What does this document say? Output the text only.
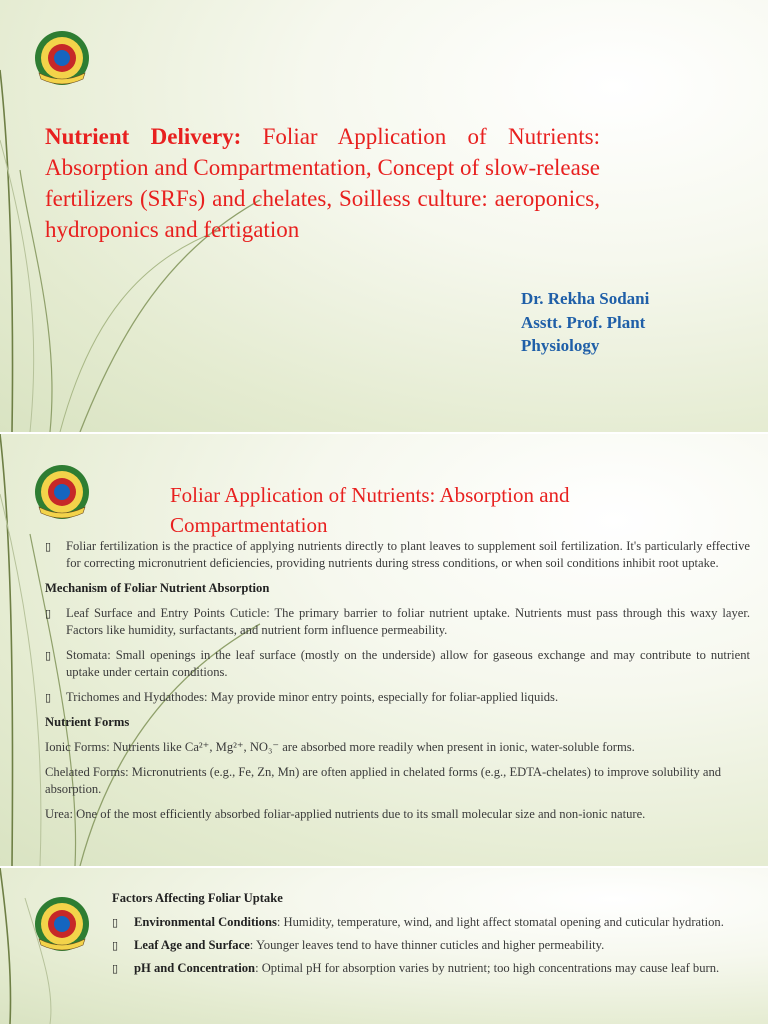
Nutrient Delivery: Foliar Application of Nutrients: Absorption and Compartmentation, Concept of slow-release fertilizers (SRFs) and chelates, Soilless culture: aeroponics, hydroponics and fertigation
Dr. Rekha Sodani
Asstt. Prof. Plant
Physiology
Foliar Application of Nutrients: Absorption and Compartmentation
▯ Foliar fertilization is the practice of applying nutrients directly to plant leaves to supplement soil fertilization. It's particularly effective for correcting micronutrient deficiencies, providing nutrients during stress conditions, or when soil conditions inhibit root uptake.
Mechanism of Foliar Nutrient Absorption
▯ Leaf Surface and Entry Points Cuticle: The primary barrier to foliar nutrient uptake. Nutrients must pass through this waxy layer. Factors like humidity, surfactants, and nutrient form influence permeability.
▯ Stomata: Small openings in the leaf surface (mostly on the underside) allow for gaseous exchange and may contribute to nutrient uptake under certain conditions.
▯ Trichomes and Hydathodes: May provide minor entry points, especially for foliar-applied liquids.
Nutrient Forms
Ionic Forms: Nutrients like Ca²⁺, Mg²⁺, NO₃⁻ are absorbed more readily when present in ionic, water-soluble forms.
Chelated Forms: Micronutrients (e.g., Fe, Zn, Mn) are often applied in chelated forms (e.g., EDTA-chelates) to improve solubility and absorption.
Urea: One of the most efficiently absorbed foliar-applied nutrients due to its small molecular size and non-ionic nature.
Factors Affecting Foliar Uptake
▯ Environmental Conditions: Humidity, temperature, wind, and light affect stomatal opening and cuticular hydration.
▯ Leaf Age and Surface: Younger leaves tend to have thinner cuticles and higher permeability.
▯ pH and Concentration: Optimal pH for absorption varies by nutrient; too high concentrations may cause leaf burn.
